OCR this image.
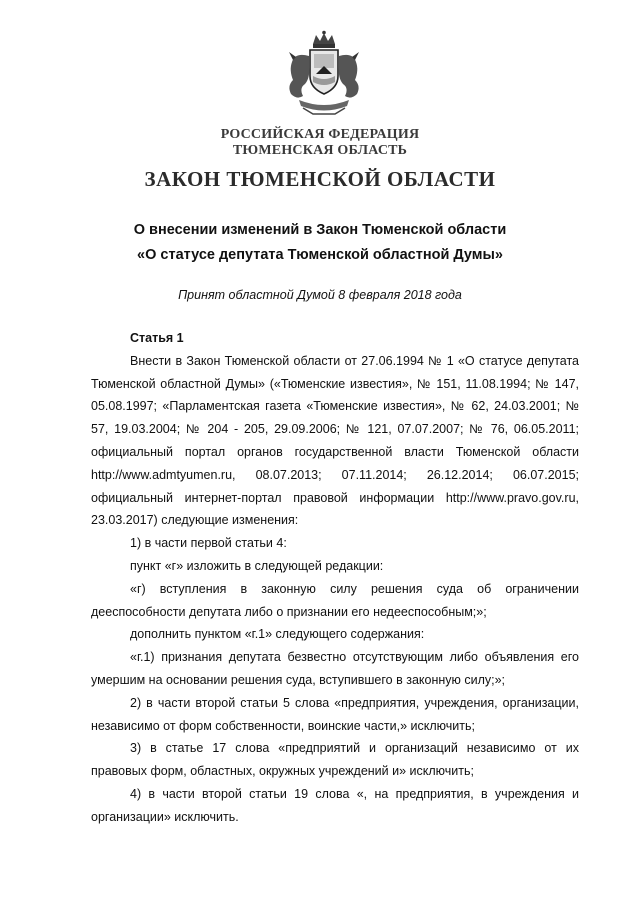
РОССИЙСКАЯ ФЕДЕРАЦИЯ
ТЮМЕНСКАЯ ОБЛАСТЬ
ЗАКОН ТЮМЕНСКОЙ ОБЛАСТИ
О внесении изменений в Закон Тюменской области
«О статусе депутата Тюменской областной Думы»
Принят областной Думой 8 февраля 2018 года

Статья 1

Внести в Закон Тюменской области от 27.06.1994 № 1 «О статусе депутата Тюменской областной Думы» («Тюменские известия», № 151, 11.08.1994; № 147, 05.08.1997; «Парламентская газета «Тюменские известия», № 62, 24.03.2001; № 57, 19.03.2004; № 204 - 205, 29.09.2006; № 121, 07.07.2007; № 76, 06.05.2011; официальный портал органов государственной власти Тюменской области http://www.admtyumen.ru, 08.07.2013; 07.11.2014; 26.12.2014; 06.07.2015; официальный интернет-портал правовой информации http://www.pravo.gov.ru, 23.03.2017) следующие изменения:

1) в части первой статьи 4:

пункт «г» изложить в следующей редакции:

«г) вступления в законную силу решения суда об ограничении дееспособности депутата либо о признании его недееспособным;»;

дополнить пунктом «г.1» следующего содержания:

«г.1) признания депутата безвестно отсутствующим либо объявления его умершим на основании решения суда, вступившего в законную силу;»;

2) в части второй статьи 5 слова «предприятия, учреждения, организации, независимо от форм собственности, воинские части,» исключить;

3) в статье 17 слова «предприятий и организаций независимо от их правовых форм, областных, окружных учреждений и» исключить;

4) в части второй статьи 19 слова «, на предприятия, в учреждения и организации» исключить.
